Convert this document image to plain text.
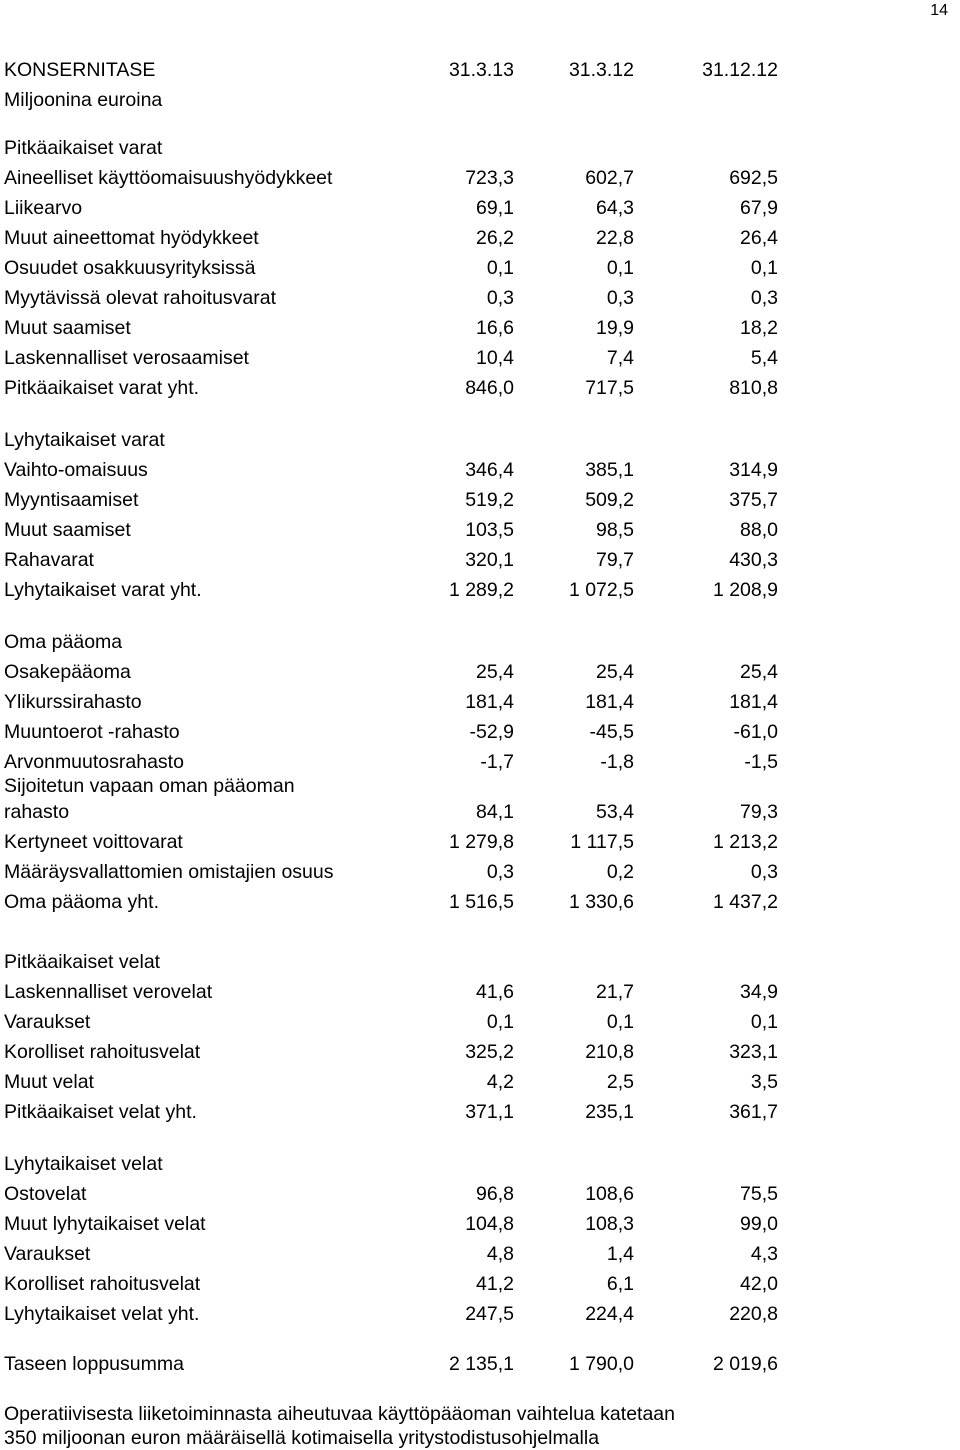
14
KONSERNITASE	31.3.13	31.3.12	31.12.12
Miljoonina euroina
Pitkäaikaiset varat
Aineelliset käyttöomaisuushyödykkeet	723,3	602,7	692,5
Liikearvo	69,1	64,3	67,9
Muut aineettomat hyödykkeet	26,2	22,8	26,4
Osuudet osakkuusyrityksissä	0,1	0,1	0,1
Myytävissä olevat rahoitusvarat	0,3	0,3	0,3
Muut saamiset	16,6	19,9	18,2
Laskennalliset verosaamiset	10,4	7,4	5,4
Pitkäaikaiset varat yht.	846,0	717,5	810,8
Lyhytaikaiset varat
Vaihto-omaisuus	346,4	385,1	314,9
Myyntisaamiset	519,2	509,2	375,7
Muut saamiset	103,5	98,5	88,0
Rahavarat	320,1	79,7	430,3
Lyhytaikaiset varat yht.	1 289,2	1 072,5	1 208,9
Oma pääoma
Osakepääoma	25,4	25,4	25,4
Ylikurssirahasto	181,4	181,4	181,4
Muuntoerot -rahasto	-52,9	-45,5	-61,0
Arvonmuutosrahasto	-1,7	-1,8	-1,5
Sijoitetun vapaan oman pääoman
rahasto	84,1	53,4	79,3
Kertyneet voittovarat	1 279,8	1 117,5	1 213,2
Määräysvallattomien omistajien osuus	0,3	0,2	0,3
Oma pääoma yht.	1 516,5	1 330,6	1 437,2
Pitkäaikaiset velat
Laskennalliset verovelat	41,6	21,7	34,9
Varaukset	0,1	0,1	0,1
Korolliset rahoitusvelat	325,2	210,8	323,1
Muut velat	4,2	2,5	3,5
Pitkäaikaiset velat yht.	371,1	235,1	361,7
Lyhytaikaiset velat
Ostovelat	96,8	108,6	75,5
Muut lyhytaikaiset velat	104,8	108,3	99,0
Varaukset	4,8	1,4	4,3
Korolliset rahoitusvelat	41,2	6,1	42,0
Lyhytaikaiset velat yht.	247,5	224,4	220,8
Taseen loppusumma	2 135,1	1 790,0	2 019,6
Operatiivisesta liiketoiminnasta aiheutuvaa käyttöpääoman vaihtelua katetaan
350 miljoonan euron määräisellä kotimaisella yritystodistusohjelmalla
